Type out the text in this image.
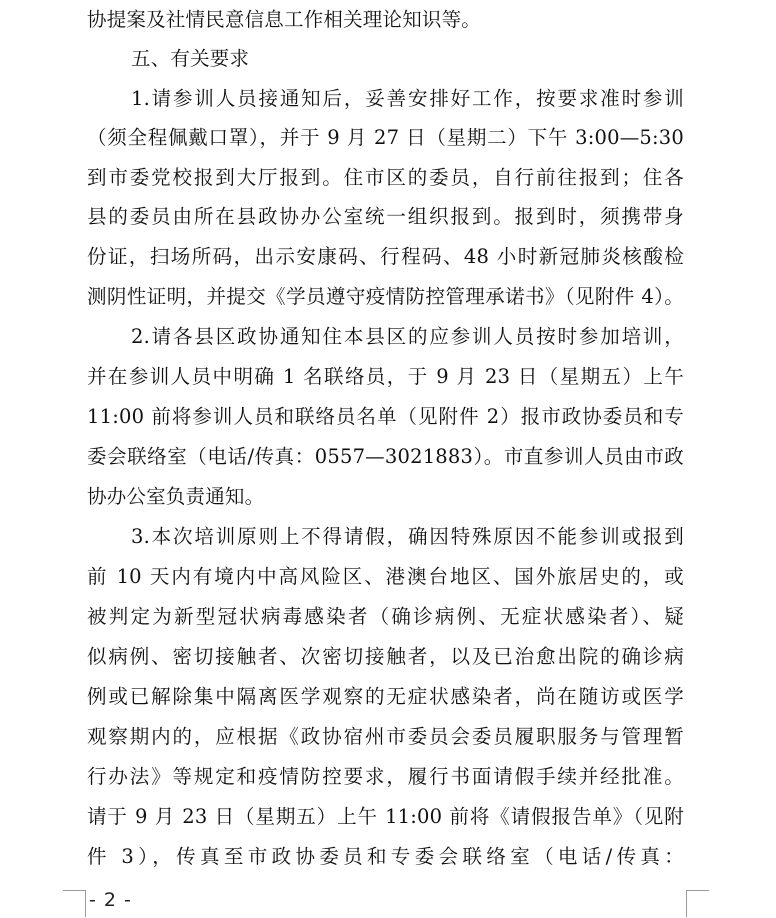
协提案及社情民意信息工作相关理论知识等。
五、有关要求
1.请参训人员接通知后，妥善安排好工作，按要求准时参训
（须全程佩戴口罩），并于 9 月 27 日（星期二）下午 3:00—5:30
到市委党校报到大厅报到。住市区的委员，自行前往报到；住各
县的委员由所在县政协办公室统一组织报到。报到时，须携带身
份证，扫场所码，出示安康码、行程码、48 小时新冠肺炎核酸检
测阴性证明，并提交《学员遵守疫情防控管理承诺书》（见附件 4）。
2.请各县区政协通知住本县区的应参训人员按时参加培训，
并在参训人员中明确 1 名联络员，于 9 月 23 日（星期五）上午
11:00 前将参训人员和联络员名单（见附件 2）报市政协委员和专
委会联络室（电话/传真：0557—3021883）。市直参训人员由市政
协办公室负责通知。
3.本次培训原则上不得请假，确因特殊原因不能参训或报到
前 10 天内有境内中高风险区、港澳台地区、国外旅居史的，或
被判定为新型冠状病毒感染者（确诊病例、无症状感染者）、疑
似病例、密切接触者、次密切接触者，以及已治愈出院的确诊病
例或已解除集中隔离医学观察的无症状感染者，尚在随访或医学
观察期内的，应根据《政协宿州市委员会委员履职服务与管理暂
行办法》等规定和疫情防控要求，履行书面请假手续并经批准。
请于 9 月 23 日（星期五）上午 11:00 前将《请假报告单》（见附
件 3），传真至市政协委员和专委会联络室（电话/传真：
- 2 -
